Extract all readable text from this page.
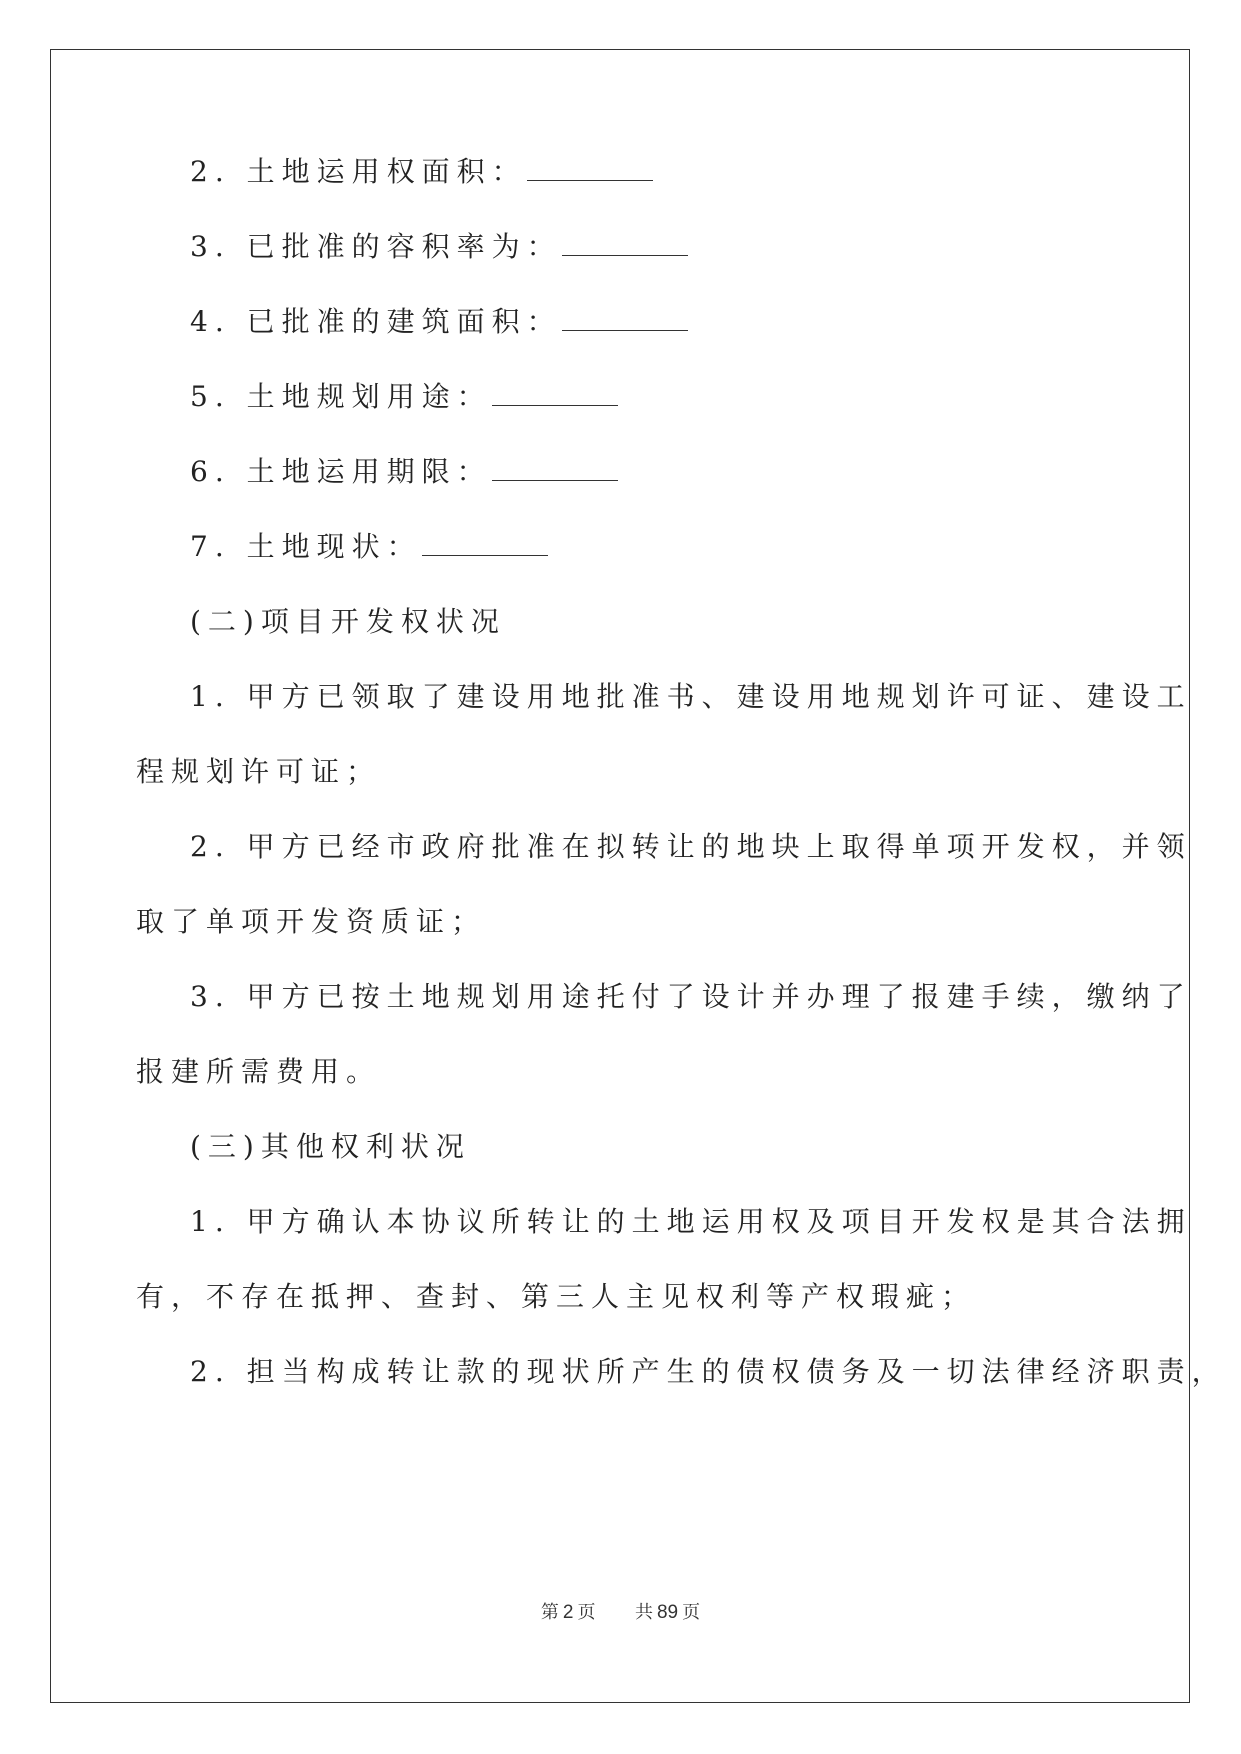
2. 土地运用权面积：
3. 已批准的容积率为：
4. 已批准的建筑面积：
5. 土地规划用途：
6. 土地运用期限：
7. 土地现状：
(二)项目开发权状况
1. 甲方已领取了建设用地批准书、建设用地规划许可证、建设工
程规划许可证；
2. 甲方已经市政府批准在拟转让的地块上取得单项开发权，并领
取了单项开发资质证；
3. 甲方已按土地规划用途托付了设计并办理了报建手续，缴纳了
报建所需费用。
(三)其他权利状况
1. 甲方确认本协议所转让的土地运用权及项目开发权是其合法拥
有，不存在抵押、查封、第三人主见权利等产权瑕疵；
2. 担当构成转让款的现状所产生的债权债务及一切法律经济职责，
第 2 页 共 89 页
